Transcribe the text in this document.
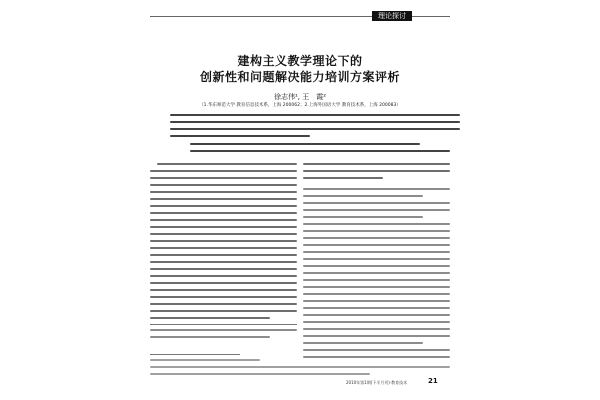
理论探讨
建构主义教学理论下的
创新性和问题解决能力培训方案评析
徐志伟¹, 王　霞²
（1.华东师范大学 教育信息技术系，上海 200062；2.上海外国语大学 教育技术系，上海 200083）
2010年第1期(下半月刊)·教育技术	21
